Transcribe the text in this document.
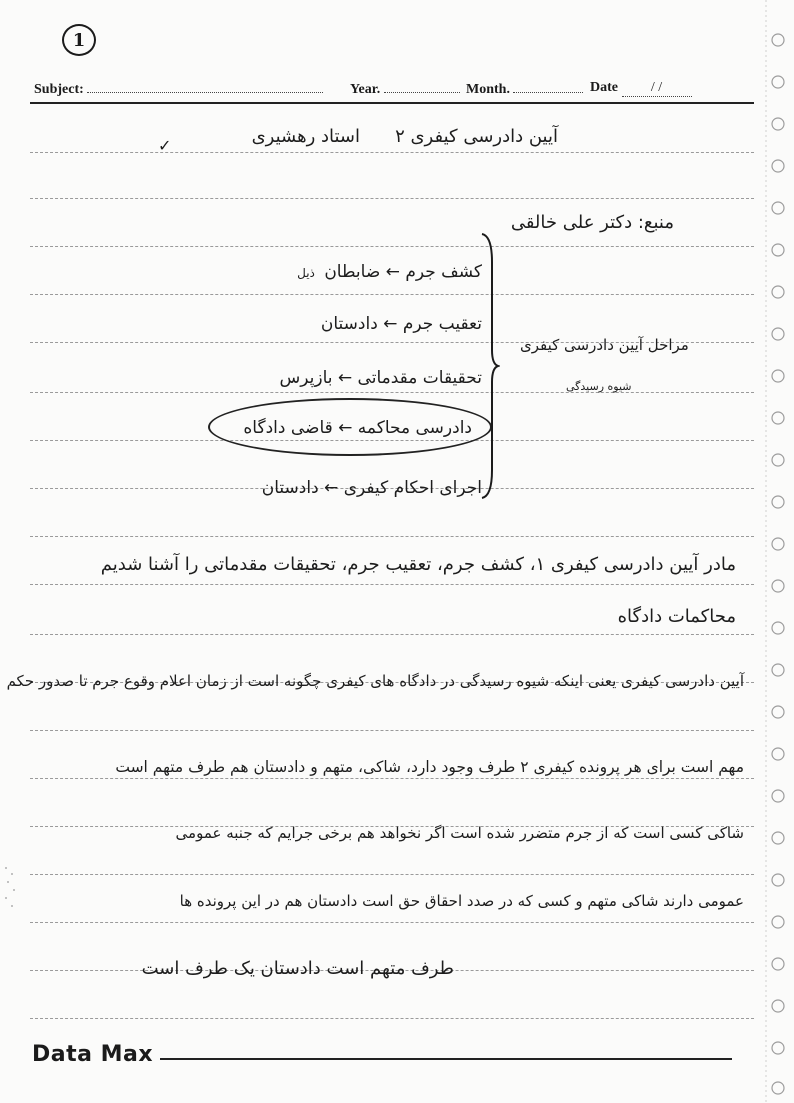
1
Subject:	Year.	Month.	Date / /
✓	آیین دادرسی کیفری ۲
استاد رهشیری
منبع: دکتر علی خالقی
کشف جرم ← ضابطان ذیل
تعقیب جرم ← دادستان
تحقیقات مقدماتی ← بازپرس
دادرسی محاکمه ← قاضی دادگاه
اجرای احکام کیفری ← دادستان
مراحل آیین دادرسی کیفری
شیوه رسیدگی
مادر آیین دادرسی کیفری ۱، کشف جرم، تعقیب جرم، تحقیقات مقدماتی را آشنا شدیم
محاکمات دادگاه
آیین دادرسی کیفری یعنی اینکه شیوه رسیدگی در دادگاه های کیفری چگونه است از زمان اعلام وقوع جرم تا صدور حکم
مهم است برای هر پرونده کیفری ۲ طرف وجود دارد، شاکی، متهم و دادستان هم طرف متهم است
شاکی کسی است که از جرم متضرر شده است اگر نخواهد هم برخی جرایم که جنبه عمومی
عمومی دارند شاکی متهم و کسی که در صدد احقاق حق است دادستان هم در این پرونده ها
طرف متهم است دادستان یک طرف است
Data Max
